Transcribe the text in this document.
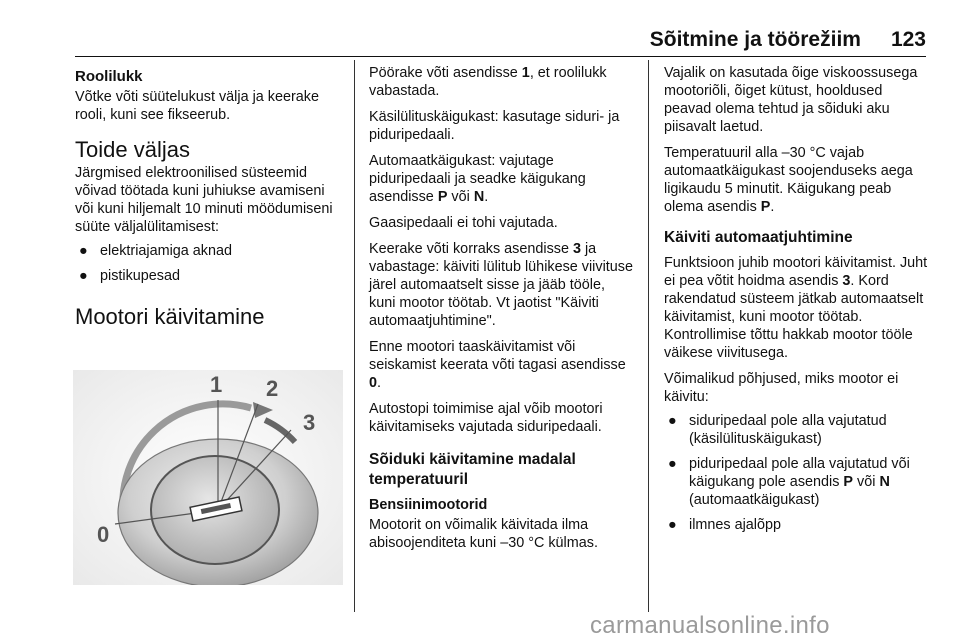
Sõitmine ja töörežiim 123
Roolilukk

Võtke võti süütelukust välja ja keerake rooli, kuni see fikseerub.

Toide väljas

Järgmised elektroonilised süsteemid võivad töötada kuni juhiukse avamiseni või kuni hiljemalt 10 minuti möödumiseni süüte väljalülitamisest:

● elektriajamiga aknad
● pistikupesad
Mootori käivitamine
0
1 2
3

Pöörake võti asendisse 1, et roolilukk vabastada.

Käsilülituskäigukast: kasutage siduri- ja piduripedaali.

Automaatkäigukast: vajutage piduripedaali ja seadke käigukang asendisse P või N.

Gaasipedaali ei tohi vajutada.

Keerake võti korraks asendisse 3 ja vabastage: käiviti lülitub lühikese viivituse järel automaatselt sisse ja jääb tööle, kuni mootor töötab. Vt jaotist "Käiviti automaatjuhtimine".

Enne mootori taaskäivitamist või seiskamist keerata võti tagasi asendisse 0.

Autostopi toimimise ajal võib mootori käivitamiseks vajutada siduripedaali.

Sõiduki käivitamine madalal temperatuuril
Bensiinimootorid

Mootorit on võimalik käivitada ilma abisoojenditeta kuni –30 °C külmas.

Vajalik on kasutada õige viskoossusega mootoriõli, õiget kütust, hooldused peavad olema tehtud ja sõiduki aku piisavalt laetud.

Temperatuuril alla –30 °C vajab automaatkäigukast soojenduseks aega ligikaudu 5 minutit. Käigukang peab olema asendis P.

Käiviti automaatjuhtimine

Funktsioon juhib mootori käivitamist. Juht ei pea võtit hoidma asendis 3. Kord rakendatud süsteem jätkab automaatselt käivitamist, kuni mootor töötab. Kontrollimise tõttu hakkab mootor tööle väikese viivitusega.

Võimalikud põhjused, miks mootor ei käivitu:

● siduripedaal pole alla vajutatud (käsilülituskäigukast)
● piduripedaal pole alla vajutatud või käigukang pole asendis P või N (automaatkäigukast)
● ilmnes ajalõpp
carmanualsonline.info
